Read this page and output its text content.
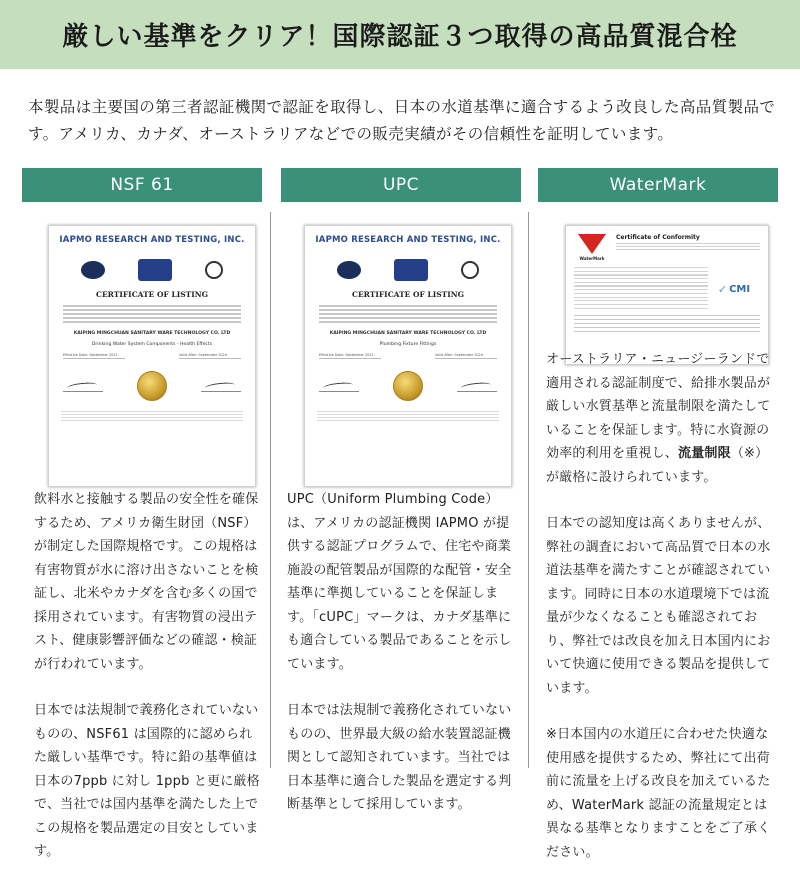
厳しい基準をクリア！国際認証３つ取得の高品質混合栓

本製品は主要国の第三者認証機関で認証を取得し、日本の水道基準に適合するよう改良した高品質製品です。アメリカ、カナダ、オーストラリアなどでの販売実績がその信頼性を証明しています。

NSF 61
IAPMO RESEARCH AND TESTING, INC.
CERTIFICATE OF LISTING
KAIPING MINGCHUAN SANITARY WARE TECHNOLOGY CO. LTD
Drinking Water System Components - Health Effects
Effective Date: September 2021	Valid After: September 2024

飲料水と接触する製品の安全性を確保するため、アメリカ衛生財団（NSF）が制定した国際規格です。この規格は有害物質が水に溶け出さないことを検証し、北米やカナダを含む多くの国で採用されています。有害物質の浸出テスト、健康影響評価などの確認・検証が行われています。

日本では法規制で義務化されていないものの、NSF61 は国際的に認められた厳しい基準です。特に鉛の基準値は日本の7ppb に対し 1ppb と更に厳格で、当社では国内基準を満たした上でこの規格を製品選定の目安としています。

UPC
IAPMO RESEARCH AND TESTING, INC.
CERTIFICATE OF LISTING
KAIPING MINGCHUAN SANITARY WARE TECHNOLOGY CO. LTD
Plumbing Fixture Fittings
Effective Date: September 2021	Valid After: September 2024

UPC（Uniform Plumbing Code）は、アメリカの認証機関 IAPMO が提供する認証プログラムで、住宅や商業施設の配管製品が国際的な配管・安全基準に準拠していることを保証します。「cUPC」マークは、カナダ基準にも適合している製品であることを示しています。

日本では法規制で義務化されていないものの、世界最大級の給水装置認証機関として認知されています。当社では日本基準に適合した製品を選定する判断基準として採用しています。

WaterMark
WaterMark
Certificate of Conformity
✓ CMI

オーストラリア・ニュージーランドで適用される認証制度で、給排水製品が厳しい水質基準と流量制限を満たしていることを保証します。特に水資源の効率的利用を重視し、流量制限（※）が厳格に設けられています。

日本での認知度は高くありませんが、弊社の調査において高品質で日本の水道法基準を満たすことが確認されています。同時に日本の水道環境下では流量が少なくなることも確認されており、弊社では改良を加え日本国内において快適に使用できる製品を提供しています。

※日本国内の水道圧に合わせた快適な使用感を提供するため、弊社にて出荷前に流量を上げる改良を加えているため、WaterMark 認証の流量規定とは異なる基準となりますことをご了承ください。
